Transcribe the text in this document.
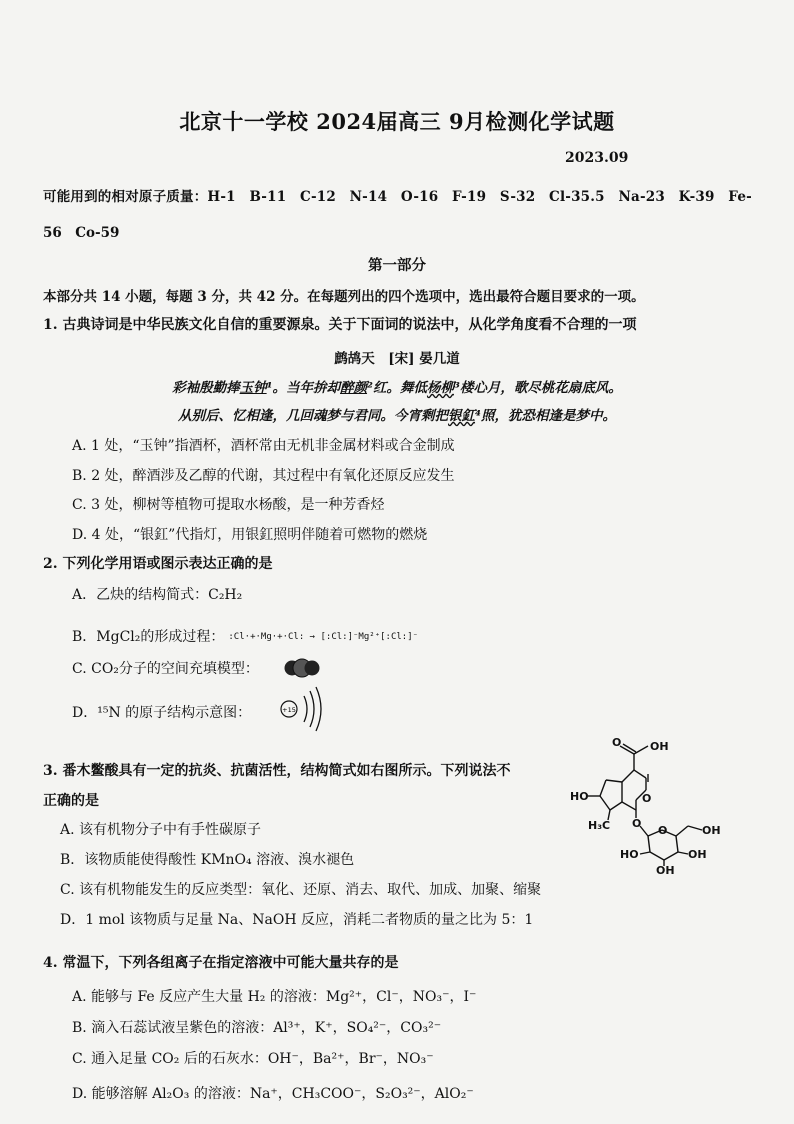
北京十一学校 2024届高三 9月检测化学试题
2023.09
可能用到的相对原子质量：H-1　B-11　C-12　N-14　O-16　F-19　S-32　Cl-35.5　Na-23　K-39　Fe-
56　Co-59
第一部分
本部分共 14 小题，每题 3 分，共 42 分。在每题列出的四个选项中，选出最符合题目要求的一项。
1. 古典诗词是中华民族文化自信的重要源泉。关于下面词的说法中，从化学角度看不合理的一项
鹧鸪天　[宋] 晏几道
彩袖殷勤捧玉钟¹。当年拚却醉颜²红。舞低杨柳³楼心月，歌尽桃花扇底风。
从别后、忆相逢，几回魂梦与君同。今宵剩把银釭⁴照，犹恐相逢是梦中。
A. 1 处，“玉钟”指酒杯，酒杯常由无机非金属材料或合金制成
B. 2 处，醉酒涉及乙醇的代谢，其过程中有氧化还原反应发生
C. 3 处，柳树等植物可提取水杨酸，是一种芳香烃
D. 4 处，“银釭”代指灯，用银釭照明伴随着可燃物的燃烧
2. 下列化学用语或图示表达正确的是
A．乙炔的结构简式：C₂H₂
B．MgCl₂的形成过程： :Cl·+·Mg·+·Cl: → [:Cl:]⁻Mg²⁺[:Cl:]⁻
C. CO₂分子的空间充填模型：
D．¹⁵N 的原子结构示意图：	+15
3. 番木鳖酸具有一定的抗炎、抗菌活性，结构简式如右图所示。下列说法不
正确的是
A. 该有机物分子中有手性碳原子
B．该物质能使得酸性 KMnO₄ 溶液、溴水褪色
C. 该有机物能发生的反应类型：氧化、还原、消去、取代、加成、加聚、缩聚
D．1 mol 该物质与足量 Na、NaOH 反应，消耗二者物质的量之比为 5：1
OH
O
HO
H₃C
O
O
O	OH
HO	OH
OH
4. 常温下，下列各组离子在指定溶液中可能大量共存的是
A. 能够与 Fe 反应产生大量 H₂ 的溶液：Mg²⁺，Cl⁻，NO₃⁻，I⁻
B. 滴入石蕊试液呈紫色的溶液：Al³⁺，K⁺，SO₄²⁻，CO₃²⁻
C. 通入足量 CO₂ 后的石灰水：OH⁻，Ba²⁺，Br⁻，NO₃⁻
D. 能够溶解 Al₂O₃ 的溶液：Na⁺，CH₃COO⁻，S₂O₃²⁻，AlO₂⁻
